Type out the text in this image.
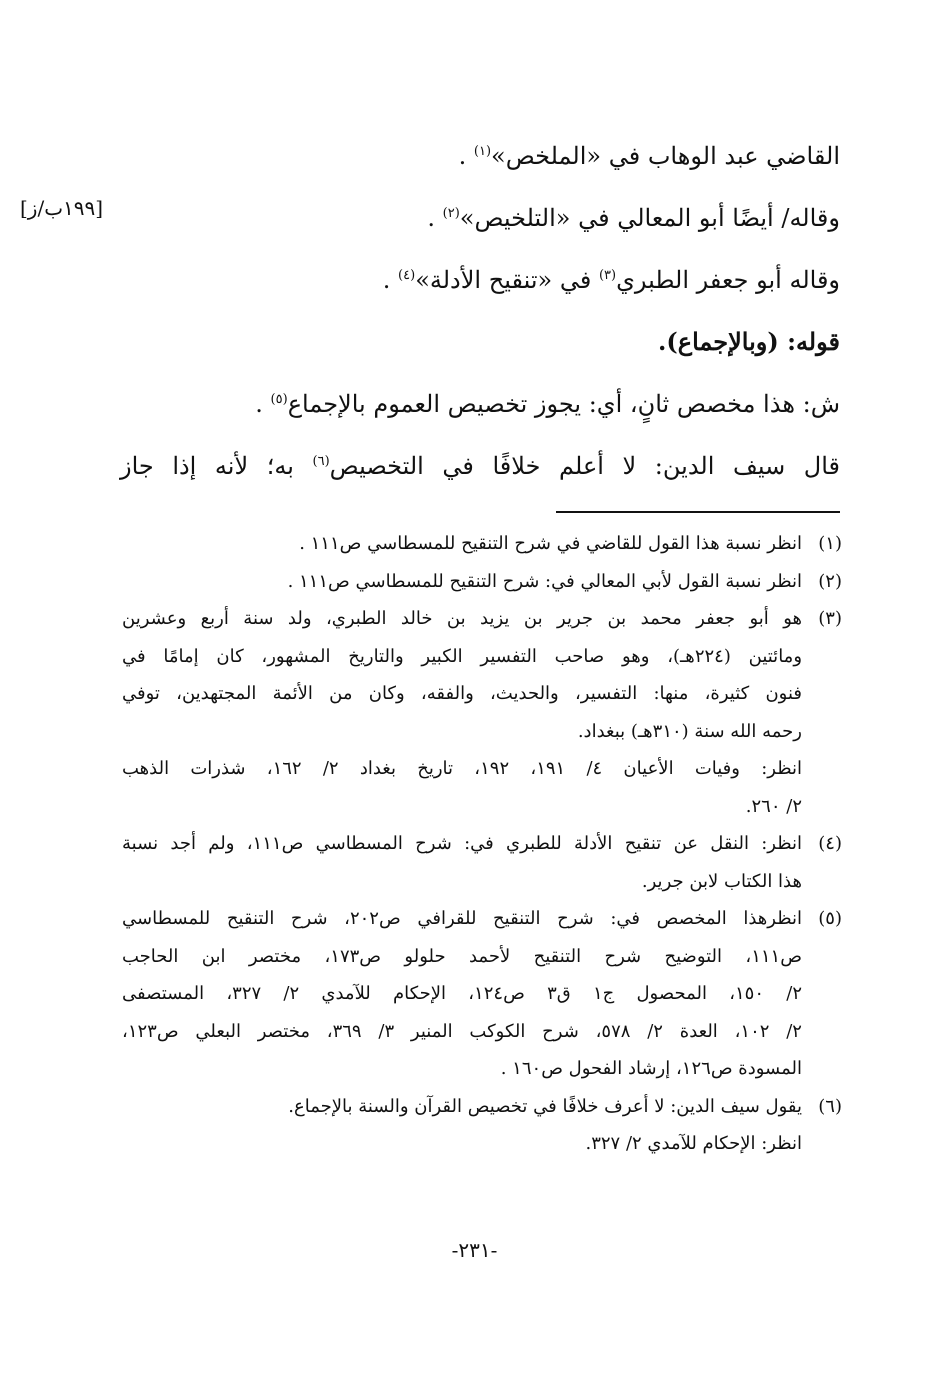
[١٩٩ب/ز]
القاضي عبد الوهاب في «الملخص»$^{(١)}$ .
وقاله/ أيضًا أبو المعالي في «التلخيص»$^{(٢)}$ .
وقاله أبو جعفر الطبري$^{(٣)}$ في «تنقيح الأدلة»$^{(٤)}$ .
قوله: (وبالإجماع).
ش: هذا مخصص ثانٍ، أي: يجوز تخصيص العموم بالإجماع$^{(٥)}$ .
قال سيف الدين: لا أعلم خلافًا في التخصيص$^{(٦)}$ به؛ لأنه إذا جاز
(١)
انظر نسبة هذا القول للقاضي في شرح التنقيح للمسطاسي ص١١١ .
(٢)
انظر نسبة القول لأبي المعالي في: شرح التنقيح للمسطاسي ص١١١ .
(٣)
هو أبو جعفر محمد بن جرير بن يزيد بن خالد الطبري، ولد سنة أربع وعشرين
ومائتين (٢٢٤هـ)، وهو صاحب التفسير الكبير والتاريخ المشهور، كان إمامًا في
فنون كثيرة، منها: التفسير، والحديث، والفقه، وكان من الأئمة المجتهدين، توفي
رحمه الله سنة (٣١٠هـ) ببغداد.
انظر: وفيات الأعيان ٤/ ١٩١، ١٩٢، تاريخ بغداد ٢/ ١٦٢، شذرات الذهب
٢/ ٢٦٠.
(٤)
انظر: النقل عن تنقيح الأدلة للطبري في: شرح المسطاسي ص١١١، ولم أجد نسبة
هذا الكتاب لابن جرير.
(٥)
انظرهذا المخصص في: شرح التنقيح للقرافي ص٢٠٢، شرح التنقيح للمسطاسي
ص١١١، التوضيح شرح التنقيح لأحمد حلولو ص١٧٣، مختصر ابن الحاجب
٢/ ١٥٠، المحصول ج١ ق٣ ص١٢٤، الإحكام للآمدي ٢/ ٣٢٧، المستصفى
٢/ ١٠٢، العدة ٢/ ٥٧٨، شرح الكوكب المنير ٣/ ٣٦٩، مختصر البعلي ص١٢٣،
المسودة ص١٢٦، إرشاد الفحول ص١٦٠ .
(٦)
يقول سيف الدين: لا أعرف خلافًا في تخصيص القرآن والسنة بالإجماع.
انظر: الإحكام للآمدي ٢/ ٣٢٧.
-٢٣١-
